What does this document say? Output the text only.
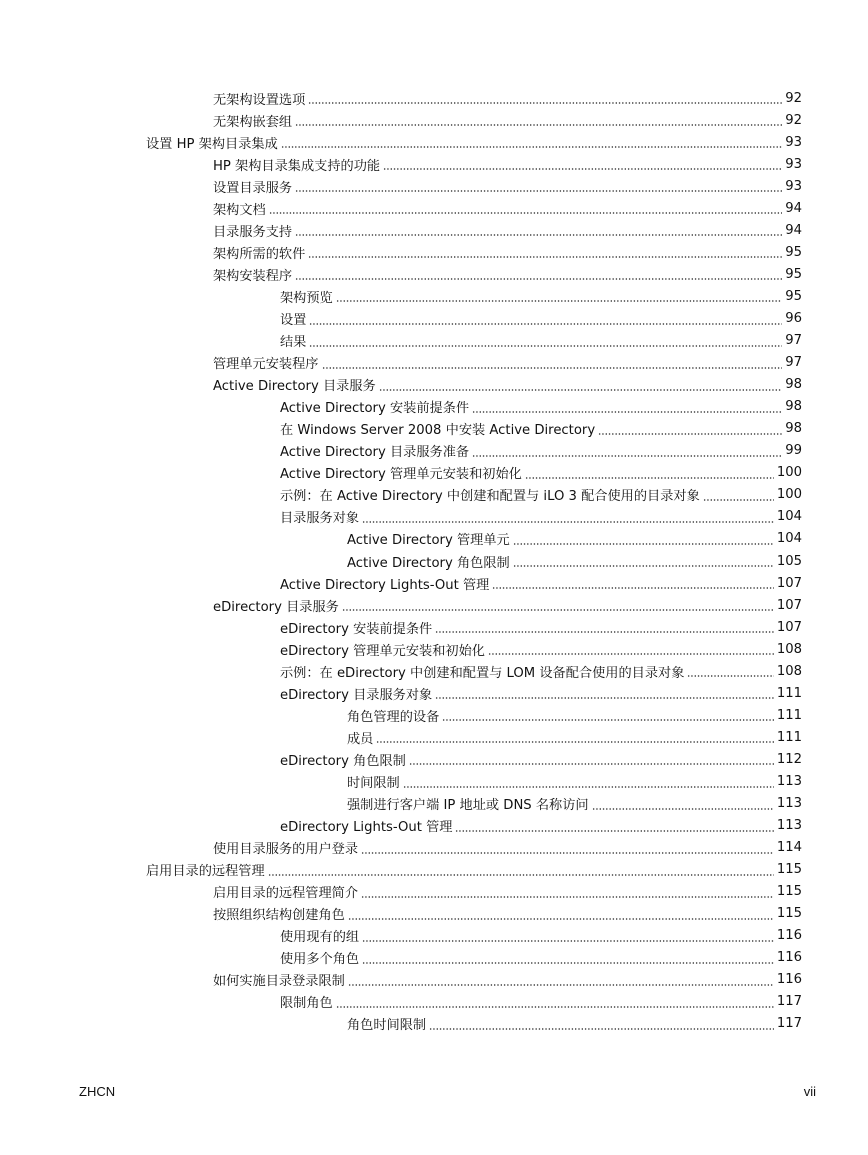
无架构设置选项	92
无架构嵌套组	92
设置 HP 架构目录集成	93
HP 架构目录集成支持的功能	93
设置目录服务	93
架构文档	94
目录服务支持	94
架构所需的软件	95
架构安装程序	95
架构预览	95
设置	96
结果	97
管理单元安装程序	97
Active Directory 目录服务	98
Active Directory 安装前提条件	98
在 Windows Server 2008 中安装 Active Directory	98
Active Directory 目录服务准备	99
Active Directory 管理单元安装和初始化	100
示例：在 Active Directory 中创建和配置与 iLO 3 配合使用的目录对象	100
目录服务对象	104
Active Directory 管理单元	104
Active Directory 角色限制	105
Active Directory Lights-Out 管理	107
eDirectory 目录服务	107
eDirectory 安装前提条件	107
eDirectory 管理单元安装和初始化	108
示例：在 eDirectory 中创建和配置与 LOM 设备配合使用的目录对象	108
eDirectory 目录服务对象	111
角色管理的设备	111
成员	111
eDirectory 角色限制	112
时间限制	113
强制进行客户端 IP 地址或 DNS 名称访问	113
eDirectory Lights-Out 管理	113
使用目录服务的用户登录	114
启用目录的远程管理	115
启用目录的远程管理简介	115
按照组织结构创建角色	115
使用现有的组	116
使用多个角色	116
如何实施目录登录限制	116
限制角色	117
角色时间限制	117
ZHCN	vii
